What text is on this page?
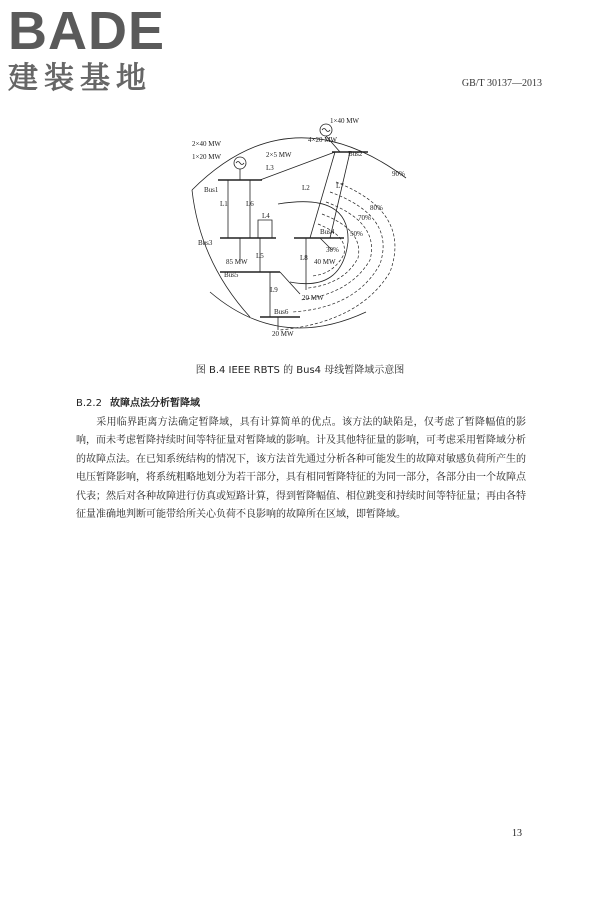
BADE
建装基地	GB/T 30137—2013
1×40 MW
4×20 MW
2×40 MW
1×20 MW	2×5 MW
Bus1
Bus2
Bus3
Bus4
Bus5
Bus6
L1
L2
L3
L4
L5
L6
L7
L8
L9
85 MW	40 MW
20 MW
20 MW
90%
80%
70%
50%
30%
图 B.4 IEEE RBTS 的 Bus4 母线暂降域示意图
B.2.2 故障点法分析暂降域
采用临界距离方法确定暂降域，具有计算简单的优点。该方法的缺陷是，仅考虑了暂降幅值的影响，而未考虑暂降持续时间等特征量对暂降域的影响。计及其他特征量的影响，可考虑采用暂降域分析的故障点法。在已知系统结构的情况下，该方法首先通过分析各种可能发生的故障对敏感负荷所产生的电压暂降影响，将系统粗略地划分为若干部分，具有相同暂降特征的为同一部分，各部分由一个故障点代表；然后对各种故障进行仿真或短路计算，得到暂降幅值、相位跳变和持续时间等特征量；再由各特征量准确地判断可能带给所关心负荷不良影响的故障所在区域，即暂降域。
13
